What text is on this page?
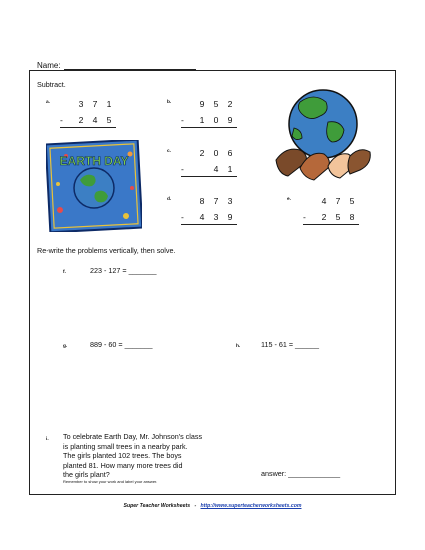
Name:
Subtract.
a.	3	7	1
-	2	4	5
b.	9	5	2
-	1	0	9
c.	2	0	6
-	4	1
d.	8	7	3
-	4	3	9
e.	4	7	5
-	2	5	8
EARTH DAY
Re-write the problems vertically, then solve.
f.	223 - 127 = _______
g.	889 - 60 = _______	h.	115 - 61 = ______
i. To celebrate Earth Day, Mr. Johnson's class
is planting small trees in a nearby park.
The girls planted 102 trees. The boys
planted 81. How many more trees did
the girls plant?
Remember to show your work and label your answer.
answer: _____________
Super Teacher Worksheets - http://www.superteacherworksheets.com
